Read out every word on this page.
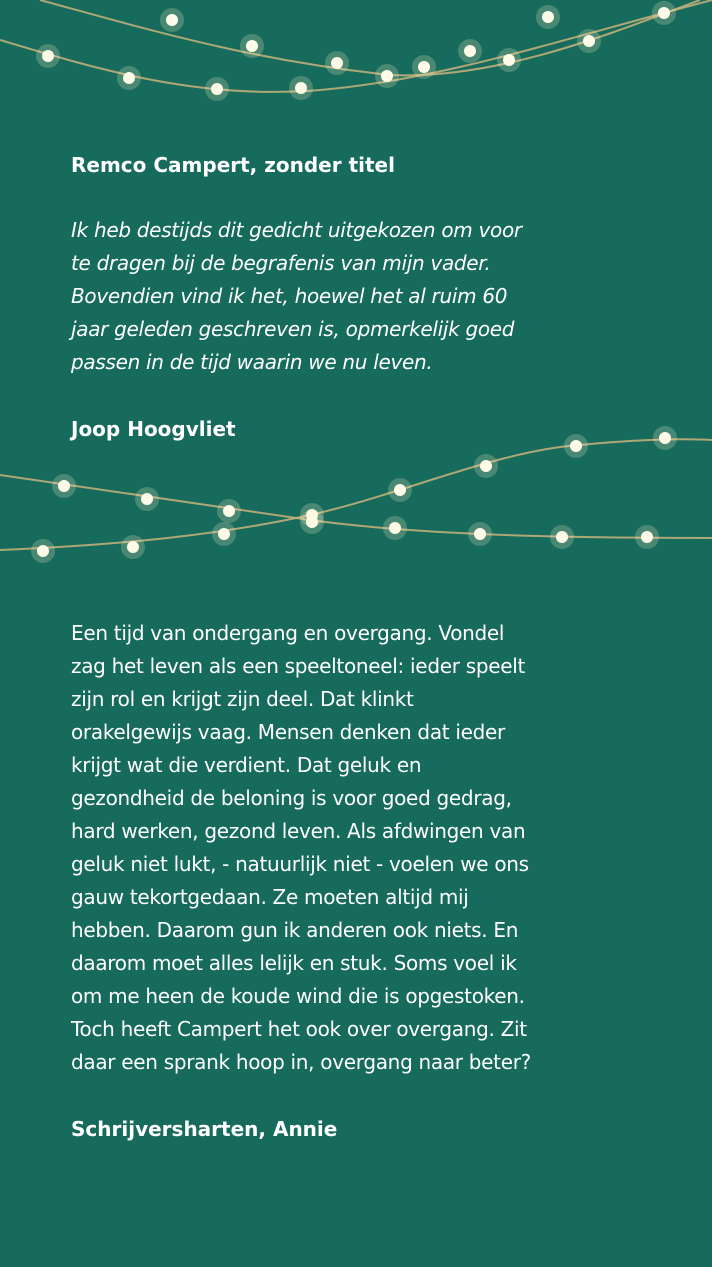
Remco Campert, zonder titel

Ik heb destijds dit gedicht uitgekozen om voor
te dragen bij de begrafenis van mijn vader.
Bovendien vind ik het, hoewel het al ruim 60
jaar geleden geschreven is, opmerkelijk goed
passen in de tijd waarin we nu leven.

Joop Hoogvliet

Een tijd van ondergang en overgang. Vondel
zag het leven als een speeltoneel: ieder speelt
zijn rol en krijgt zijn deel. Dat klinkt
orakelgewijs vaag. Mensen denken dat ieder
krijgt wat die verdient. Dat geluk en
gezondheid de beloning is voor goed gedrag,
hard werken, gezond leven. Als afdwingen van
geluk niet lukt, - natuurlijk niet - voelen we ons
gauw tekortgedaan. Ze moeten altijd mij
hebben. Daarom gun ik anderen ook niets. En
daarom moet alles lelijk en stuk. Soms voel ik
om me heen de koude wind die is opgestoken.
Toch heeft Campert het ook over overgang. Zit
daar een sprank hoop in, overgang naar beter?

Schrijversharten, Annie
